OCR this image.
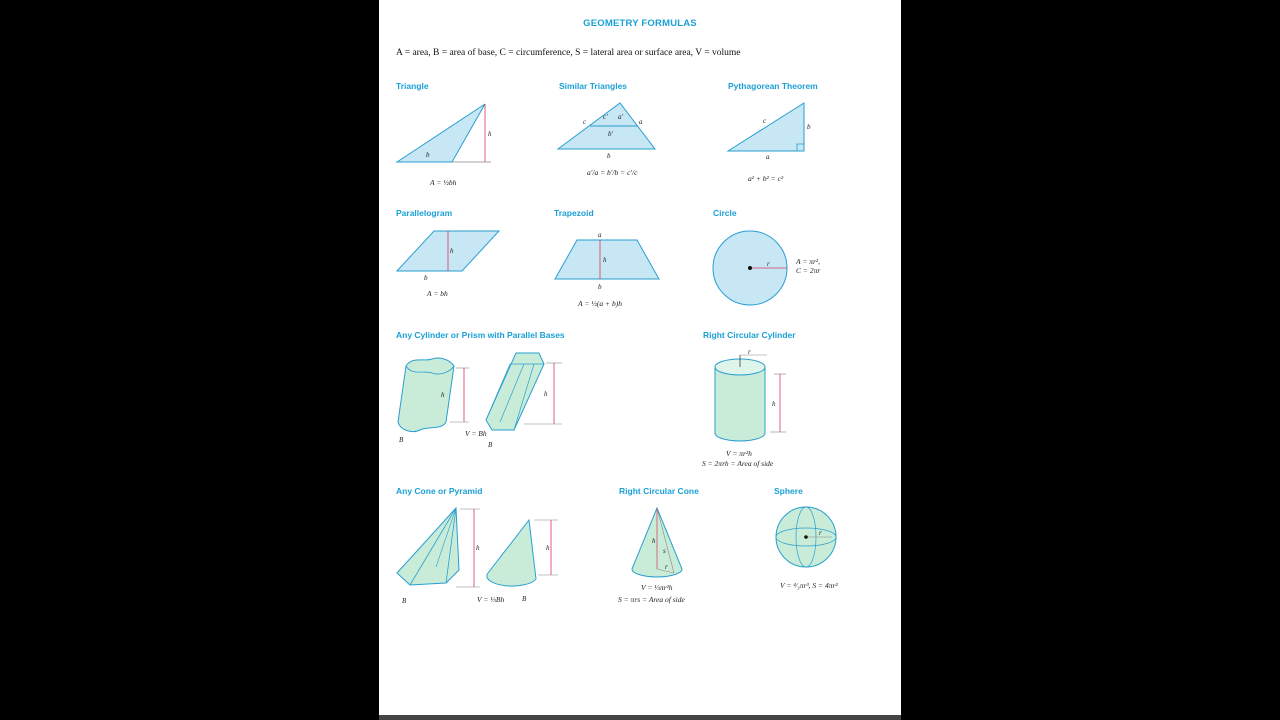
GEOMETRY FORMULAS
A = area, B = area of base, C = circumference, S = lateral area or surface area, V = volume
Triangle
h
b
A = ½bh
Similar Triangles
c
c′ a′
a
b′
b
a′/a = b′/b = c′/c
Pythagorean Theorem
c
b
a
a² + b² = c²
Parallelogram
h
b
A = bh
Trapezoid
a
h
b
A = ½(a + b)h
Circle
r	A = πr²,
C = 2πr
Any Cylinder or Prism with Parallel Bases
h
B
h
B
V = Bh
Right Circular Cylinder
r
h
V = πr²h
S = 2πrh = Area of side
Any Cone or Pyramid
h
B
h
B
V = ⅓Bh
Right Circular Cone
h
s
r
V = ⅓πr²h
S = πrs = Area of side
Sphere
r
V = ⁴⁄₃πr³, S = 4πr²
